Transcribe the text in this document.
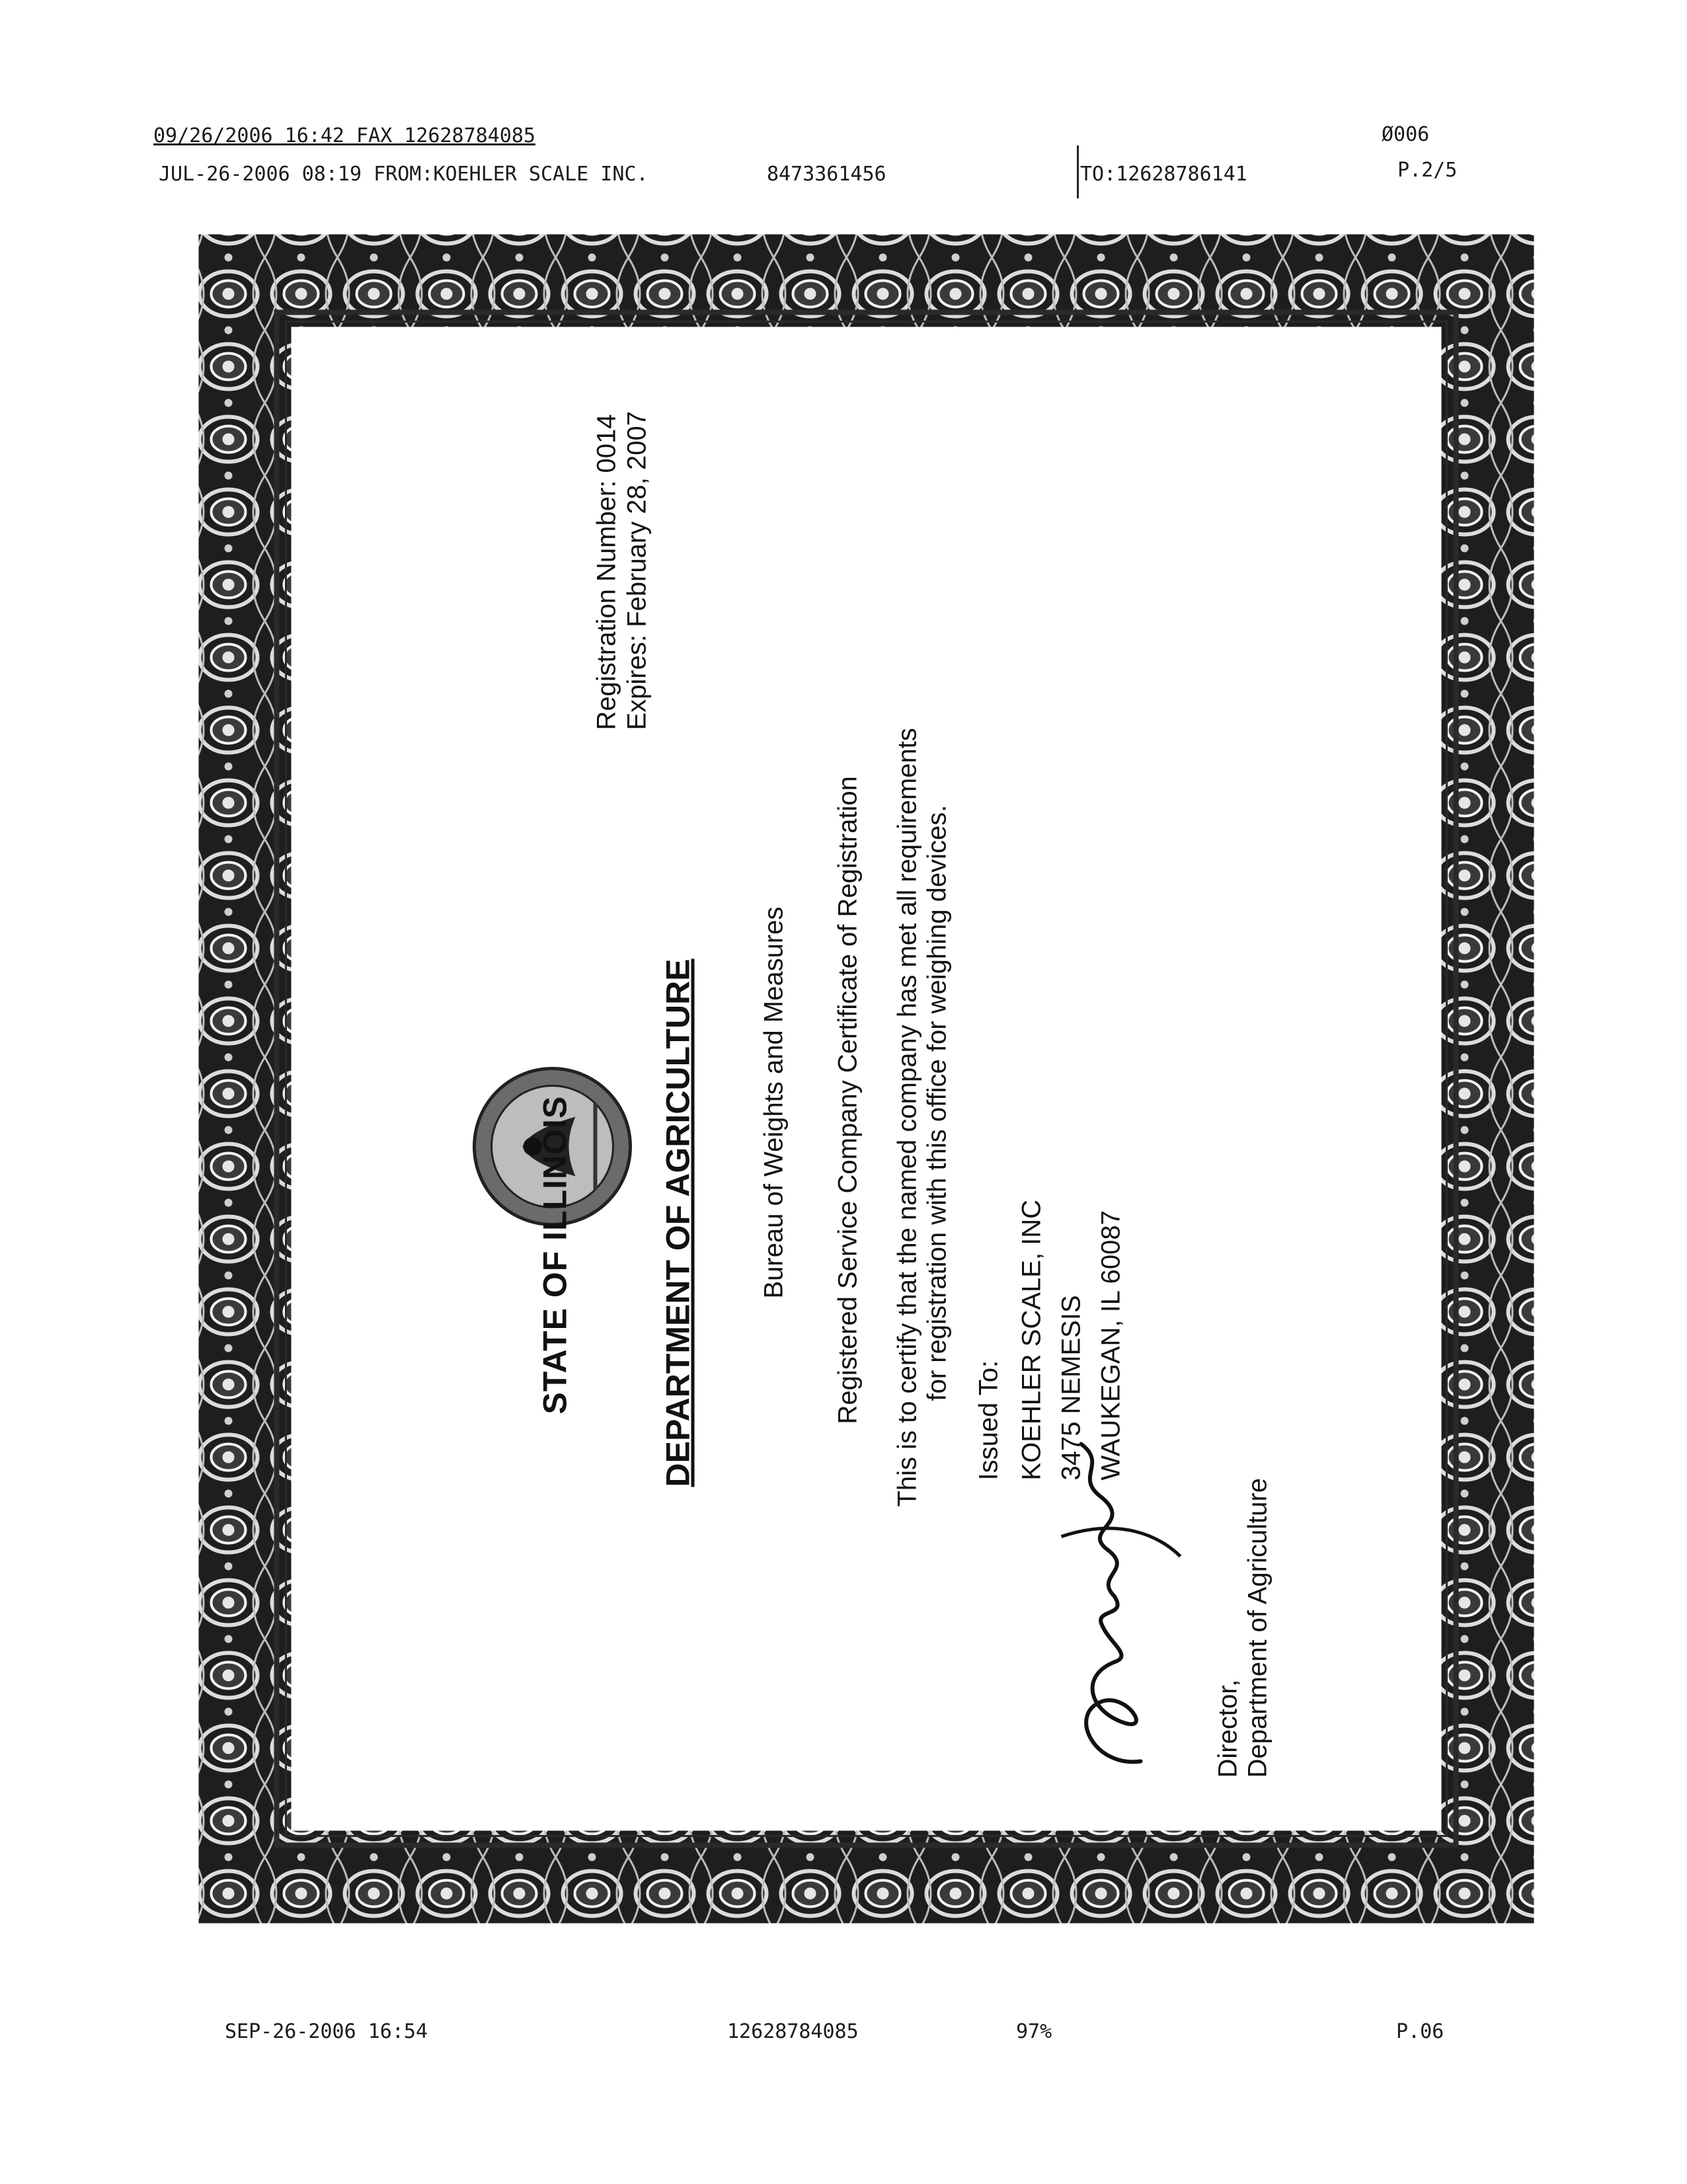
09/26/2006 16:42 FAX 12628784085	Ø006
JUL-26-2006 08:19 FROM:KOEHLER SCALE INC.	8473361456	TO:12628786141	P.2/5
STATE OF ILLINOIS	DEPARTMENT OF AGRICULTURE
Registration Number: 0014
Expires: February 28, 2007
Bureau of Weights and Measures Registered Service Company Certificate of Registration This is to certify that the named company has met all requirements for registration with this office for weighing devices.
Issued To: KOEHLER SCALE, INC 3475 NEMESIS WAUKEGAN, IL 60087
Director, Department of Agriculture
SEP-26-2006 16:54	12628784085	97%	P.06
